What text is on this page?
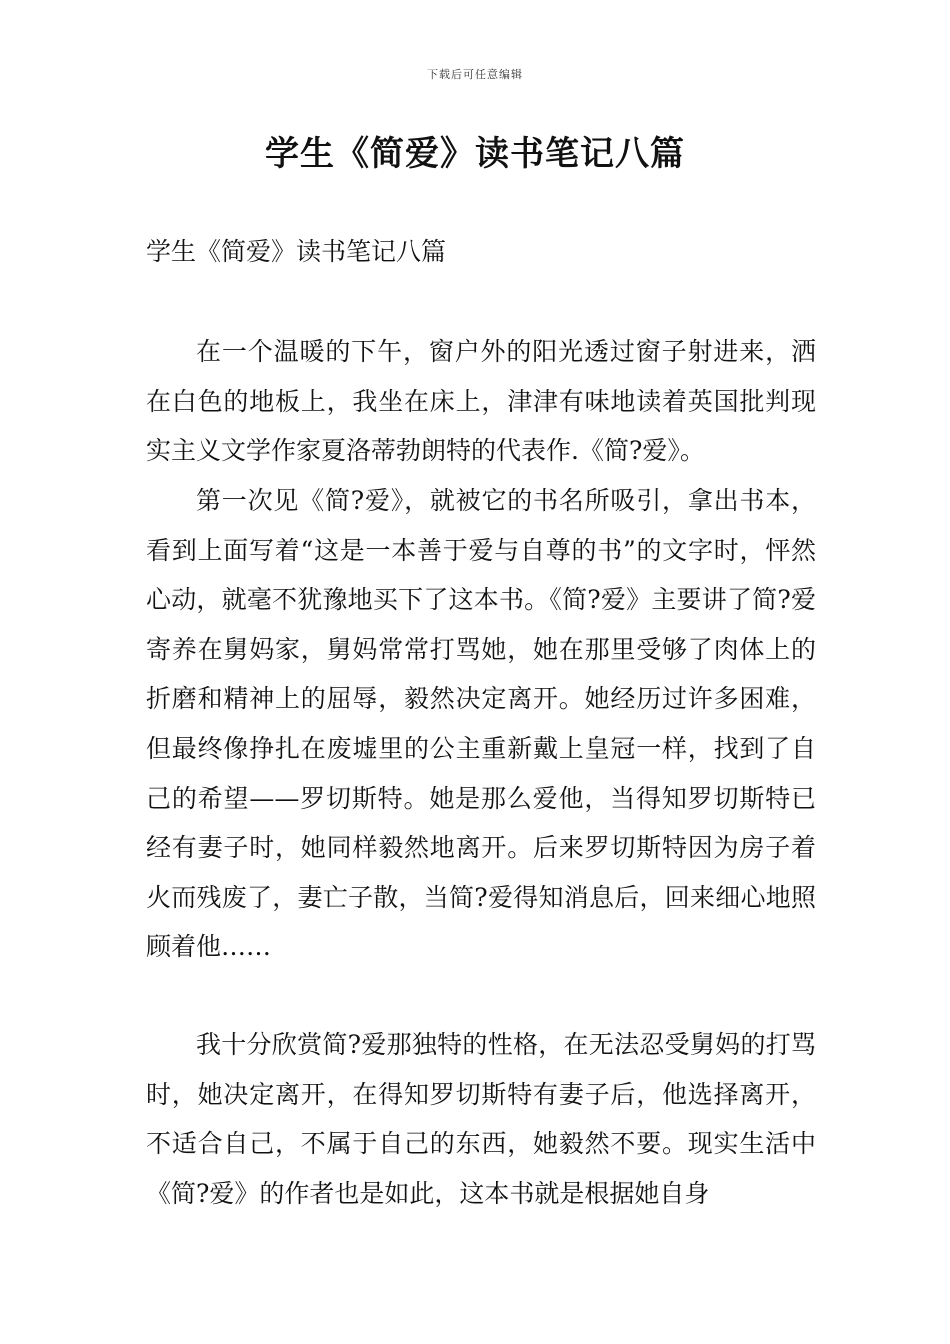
下载后可任意编辑
学生《简爱》读书笔记八篇

学生《简爱》读书笔记八篇

在一个温暖的下午，窗户外的阳光透过窗子射进来，洒在白色的地板上，我坐在床上，津津有味地读着英国批判现实主义文学作家夏洛蒂勃朗特的代表作.《简?爱》。

第一次见《简?爱》，就被它的书名所吸引，拿出书本，看到上面写着“这是一本善于爱与自尊的书”的文字时，怦然心动，就毫不犹豫地买下了这本书。《简?爱》主要讲了简?爱寄养在舅妈家，舅妈常常打骂她，她在那里受够了肉体上的折磨和精神上的屈辱，毅然决定离开。她经历过许多困难，但最终像挣扎在废墟里的公主重新戴上皇冠一样，找到了自己的希望——罗切斯特。她是那么爱他，当得知罗切斯特已经有妻子时，她同样毅然地离开。后来罗切斯特因为房子着火而残废了，妻亡子散，当简?爱得知消息后，回来细心地照顾着他……

我十分欣赏简?爱那独特的性格，在无法忍受舅妈的打骂时，她决定离开，在得知罗切斯特有妻子后，他选择离开，不适合自己，不属于自己的东西，她毅然不要。现实生活中《简?爱》的作者也是如此，这本书就是根据她自身
